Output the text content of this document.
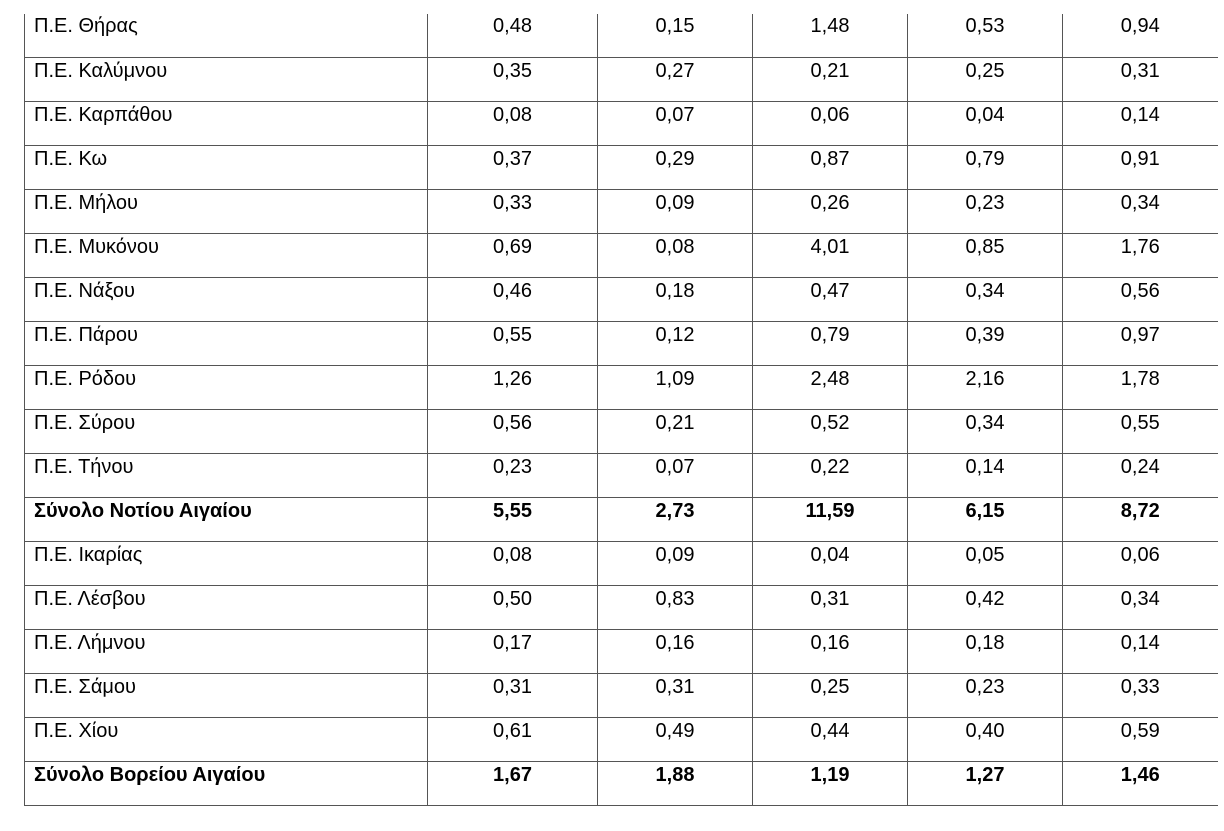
Π.Ε. Θήρας	0,48	0,15	1,48	0,53	0,94
Π.Ε. Καλύμνου	0,35	0,27	0,21	0,25	0,31
Π.Ε. Καρπάθου	0,08	0,07	0,06	0,04	0,14
Π.Ε. Κω	0,37	0,29	0,87	0,79	0,91
Π.Ε. Μήλου	0,33	0,09	0,26	0,23	0,34
Π.Ε. Μυκόνου	0,69	0,08	4,01	0,85	1,76
Π.Ε. Νάξου	0,46	0,18	0,47	0,34	0,56
Π.Ε. Πάρου	0,55	0,12	0,79	0,39	0,97
Π.Ε. Ρόδου	1,26	1,09	2,48	2,16	1,78
Π.Ε. Σύρου	0,56	0,21	0,52	0,34	0,55
Π.Ε. Τήνου	0,23	0,07	0,22	0,14	0,24
Σύνολο Νοτίου Αιγαίου	5,55	2,73	11,59	6,15	8,72
Π.Ε. Ικαρίας	0,08	0,09	0,04	0,05	0,06
Π.Ε. Λέσβου	0,50	0,83	0,31	0,42	0,34
Π.Ε. Λήμνου	0,17	0,16	0,16	0,18	0,14
Π.Ε. Σάμου	0,31	0,31	0,25	0,23	0,33
Π.Ε. Χίου	0,61	0,49	0,44	0,40	0,59
Σύνολο Βορείου Αιγαίου	1,67	1,88	1,19	1,27	1,46
